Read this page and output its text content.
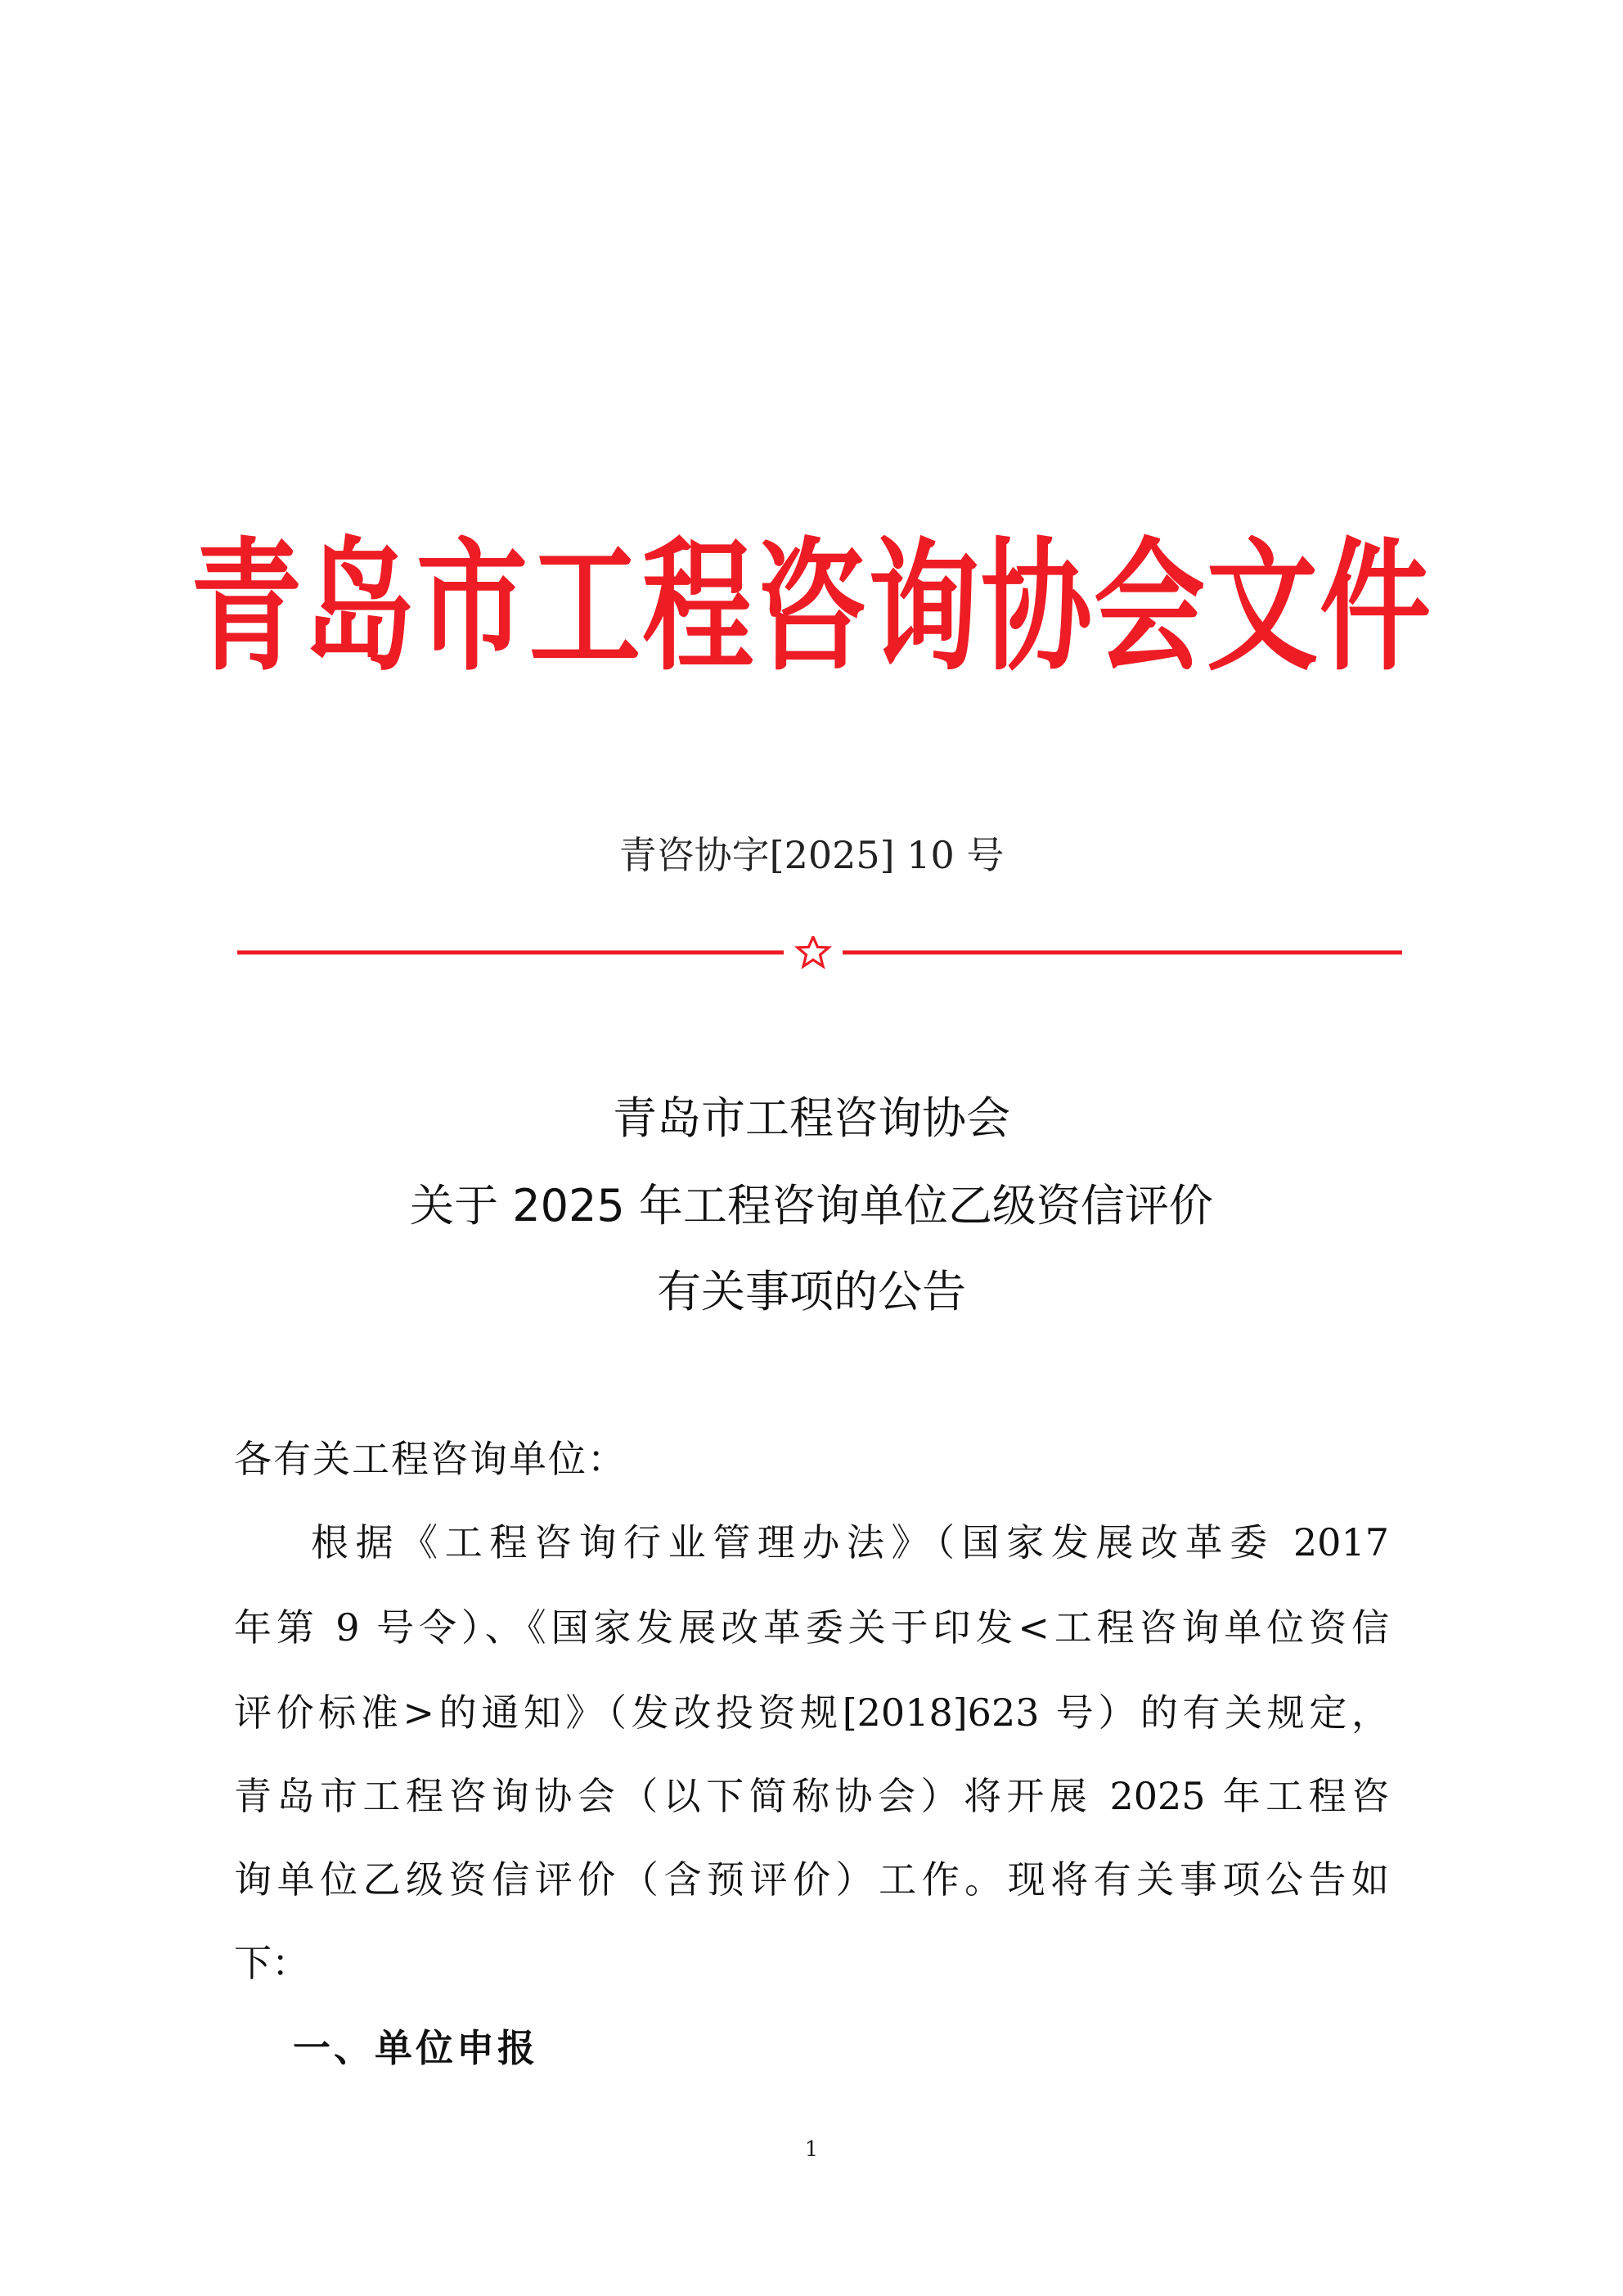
青岛市工程咨询协会文件
青咨协字[2025] 10 号
青岛市工程咨询协会
关于 2025 年工程咨询单位乙级资信评价
有关事项的公告
各有关工程咨询单位：
根据《工程咨询行业管理办法》（国家发展改革委 2017
年第 9 号令）、《国家发展改革委关于印发<工程咨询单位资信
评价标准>的通知》（发改投资规[2018]623 号）的有关规定，
青岛市工程咨询协会（以下简称协会）将开展 2025 年工程咨
询单位乙级资信评价（含预评价）工作。现将有关事项公告如
下：
一、单位申报
1
